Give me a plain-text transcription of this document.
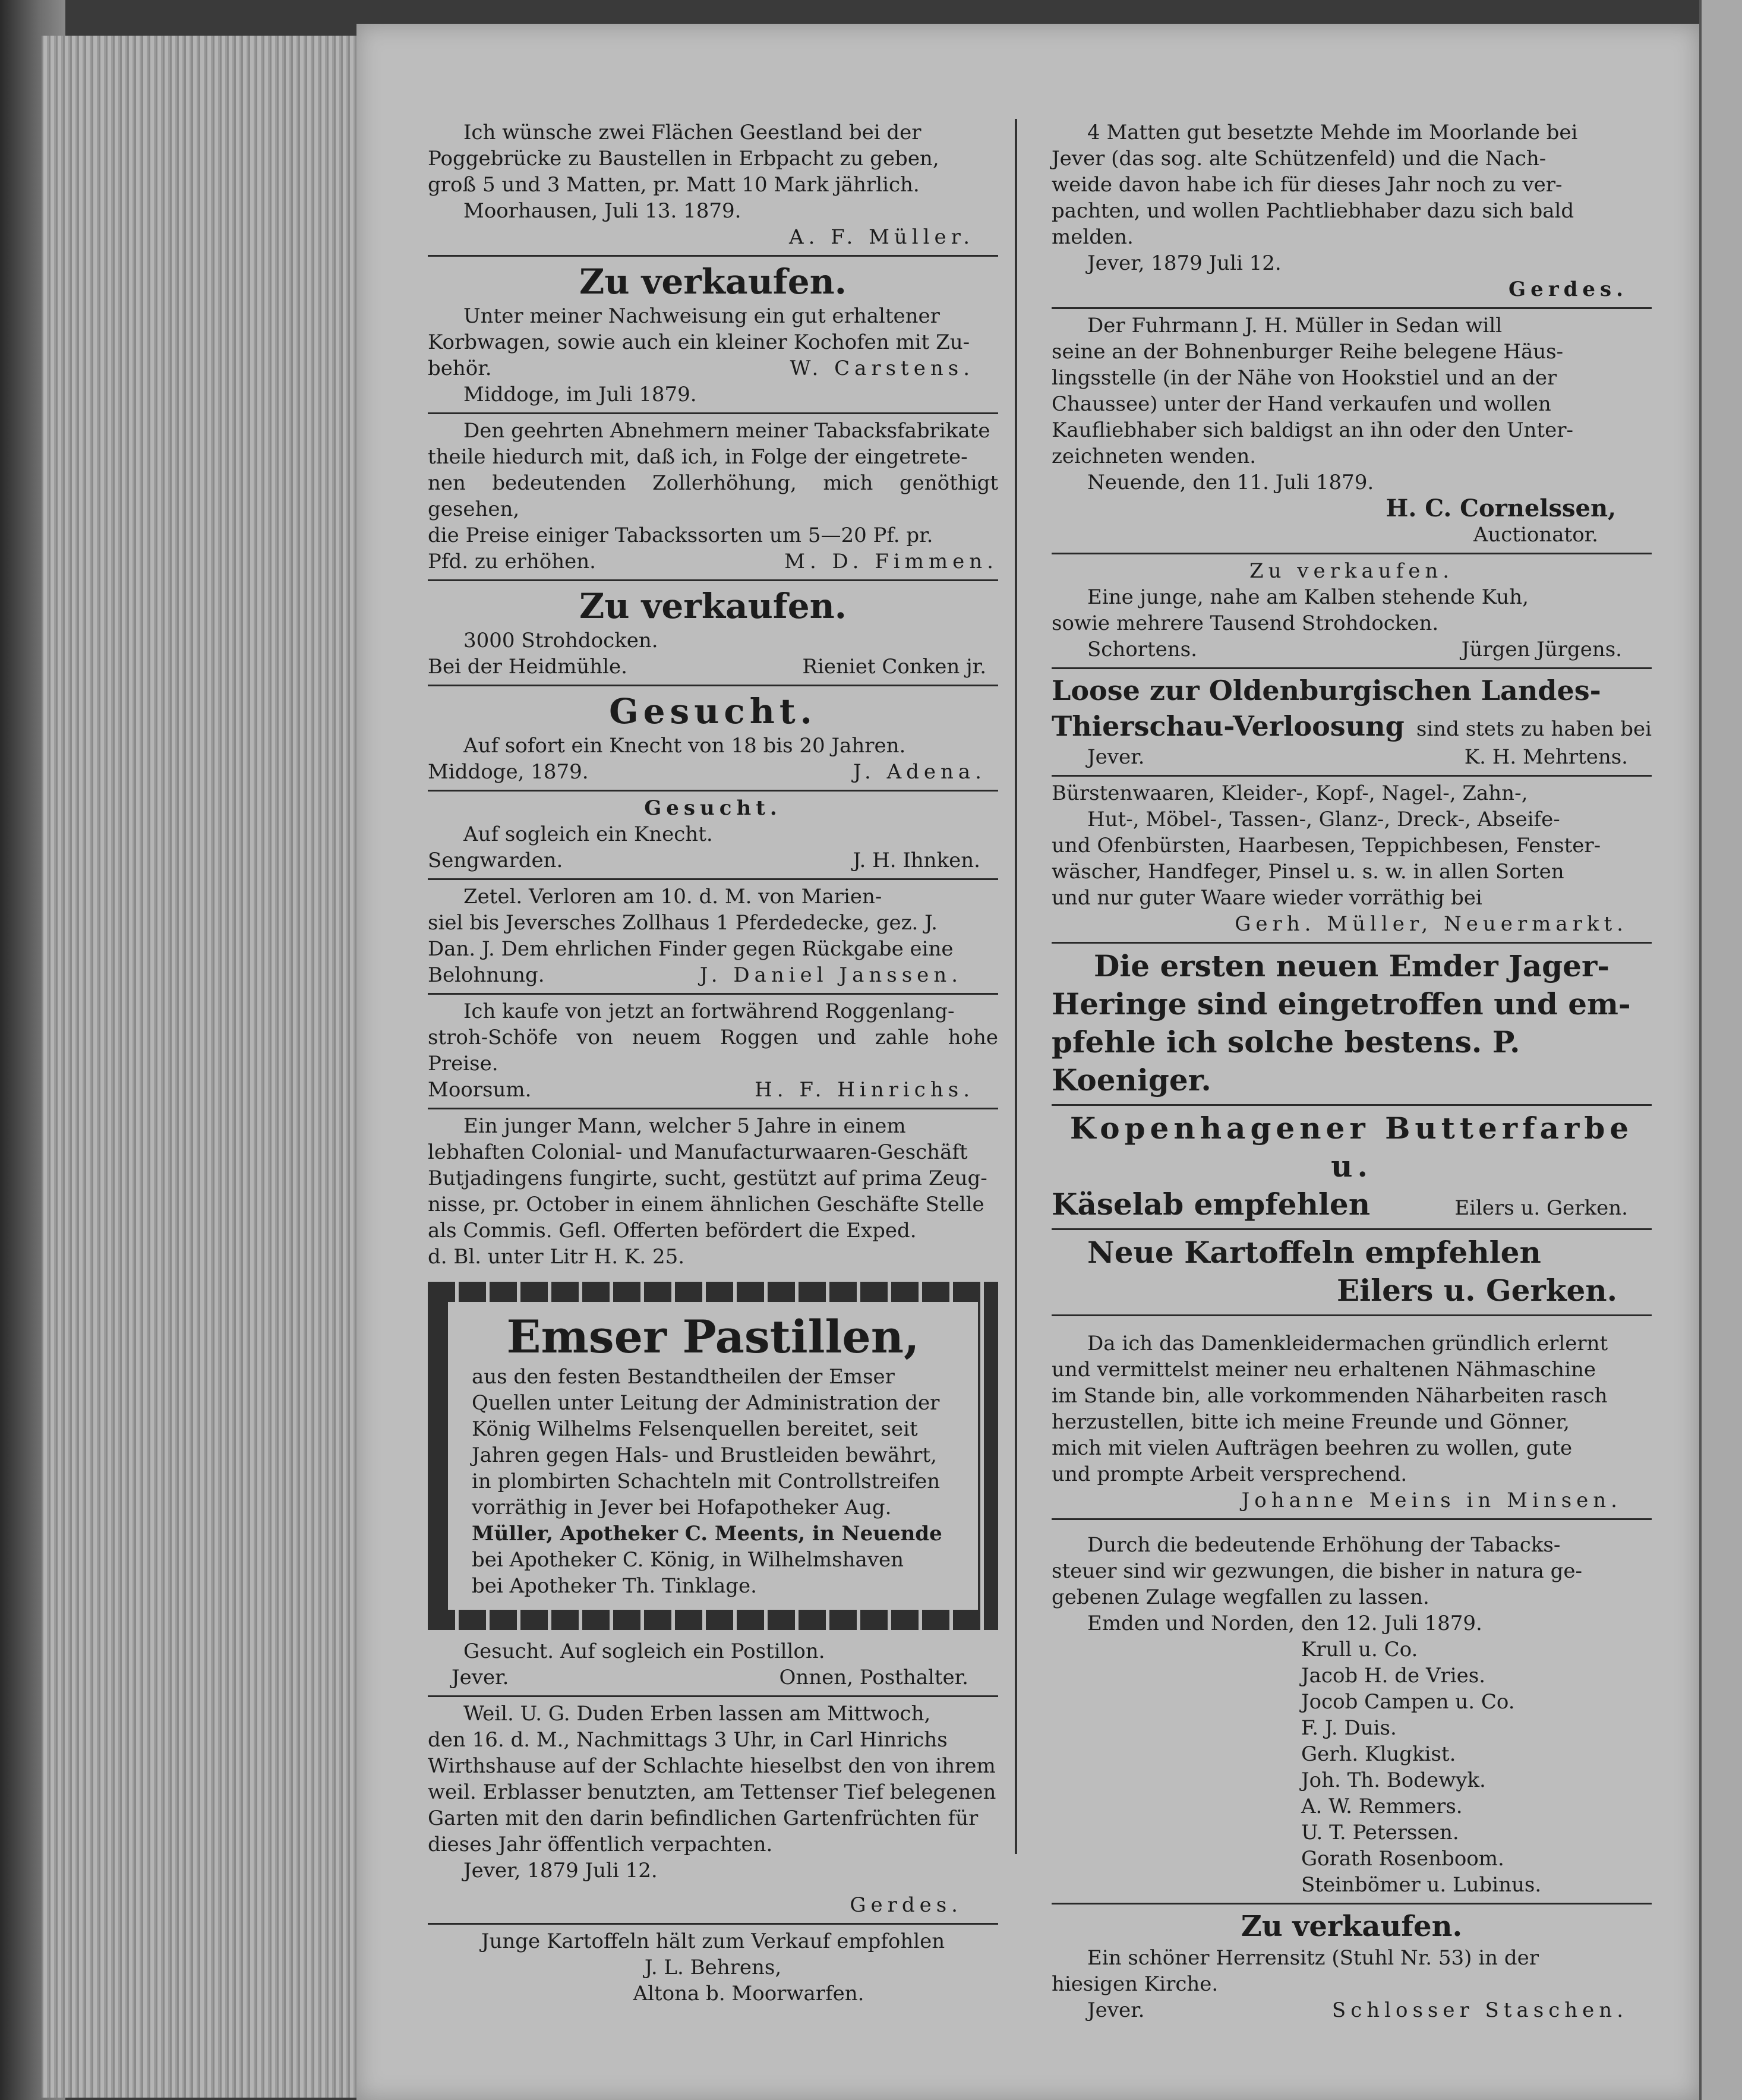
Ich wünsche zwei Flächen Geestland bei der

Poggebrücke zu Baustellen in Erbpacht zu geben,

groß 5 und 3 Matten, pr. Matt 10 Mark jährlich.

Moorhausen, Juli 13. 1879.

A. F. Müller.

Zu verkaufen.

Unter meiner Nachweisung ein gut erhaltener

Korbwagen, sowie auch ein kleiner Kochofen mit Zu-

behör.	W. Carstens.

Middoge, im Juli 1879.

Den geehrten Abnehmern meiner Tabacksfabrikate

theile hiedurch mit, daß ich, in Folge der eingetrete-

nen bedeutenden Zollerhöhung, mich genöthigt gesehen,

die Preise einiger Tabackssorten um 5—20 Pf. pr.

Pfd. zu erhöhen.	M. D. Fimmen.

Zu verkaufen.

3000 Strohdocken.

Bei der Heidmühle.	Rieniet Conken jr.

Gesucht.

Auf sofort ein Knecht von 18 bis 20 Jahren.

Middoge, 1879.	J. Adena.

Gesucht.

Auf sogleich ein Knecht.

Sengwarden.	J. H. Ihnken.

Zetel. Verloren am 10. d. M. von Marien-

siel bis Jeversches Zollhaus 1 Pferdedecke, gez. J.

Dan. J. Dem ehrlichen Finder gegen Rückgabe eine

Belohnung.	J. Daniel Janssen.

Ich kaufe von jetzt an fortwährend Roggenlang-

stroh-Schöfe von neuem Roggen und zahle hohe Preise.

Moorsum.	H. F. Hinrichs.

Ein junger Mann, welcher 5 Jahre in einem

lebhaften Colonial- und Manufacturwaaren-Geschäft

Butjadingens fungirte, sucht, gestützt auf prima Zeug-

nisse, pr. October in einem ähnlichen Geschäfte Stelle

als Commis. Gefl. Offerten befördert die Exped.

d. Bl. unter Litr H. K. 25.

Emser Pastillen,

aus den festen Bestandtheilen der Emser

Quellen unter Leitung der Administration der

König Wilhelms Felsenquellen bereitet, seit

Jahren gegen Hals- und Brustleiden bewährt,

in plombirten Schachteln mit Controllstreifen

vorräthig in Jever bei Hofapotheker Aug.

Müller, Apotheker C. Meents, in Neuende

bei Apotheker C. König, in Wilhelmshaven

bei Apotheker Th. Tinklage.

Gesucht. Auf sogleich ein Postillon.

Jever.	Onnen, Posthalter.

Weil. U. G. Duden Erben lassen am Mittwoch,

den 16. d. M., Nachmittags 3 Uhr, in Carl Hinrichs

Wirthshause auf der Schlachte hieselbst den von ihrem

weil. Erblasser benutzten, am Tettenser Tief belegenen

Garten mit den darin befindlichen Gartenfrüchten für

dieses Jahr öffentlich verpachten.

Jever, 1879 Juli 12.

Gerdes.

Junge Kartoffeln hält zum Verkauf empfohlen

J. L. Behrens,

Altona b. Moorwarfen.

4 Matten gut besetzte Mehde im Moorlande bei

Jever (das sog. alte Schützenfeld) und die Nach-

weide davon habe ich für dieses Jahr noch zu ver-

pachten, und wollen Pachtliebhaber dazu sich bald

melden.

Jever, 1879 Juli 12.

Gerdes.

Der Fuhrmann J. H. Müller in Sedan will

seine an der Bohnenburger Reihe belegene Häus-

lingsstelle (in der Nähe von Hookstiel und an der

Chaussee) unter der Hand verkaufen und wollen

Kaufliebhaber sich baldigst an ihn oder den Unter-

zeichneten wenden.

Neuende, den 11. Juli 1879.

H. C. Cornelssen,

Auctionator.

Zu verkaufen.

Eine junge, nahe am Kalben stehende Kuh,

sowie mehrere Tausend Strohdocken.

Schortens.	Jürgen Jürgens.

Loose zur Oldenburgischen Landes-

Thierschau-Verloosung sind stets zu haben bei
Jever.	K. H. Mehrtens.

Bürstenwaaren, Kleider-, Kopf-, Nagel-, Zahn-,

Hut-, Möbel-, Tassen-, Glanz-, Dreck-, Abseife-

und Ofenbürsten, Haarbesen, Teppichbesen, Fenster-

wäscher, Handfeger, Pinsel u. s. w. in allen Sorten

und nur guter Waare wieder vorräthig bei

Gerh. Müller, Neuermarkt.

Die ersten neuen Emder Jager-

Heringe sind eingetroffen und em-

pfehle ich solche bestens. P. Koeniger.

Kopenhagener Butterfarbe u.

Käselab empfehlen	Eilers u. Gerken.

Neue Kartoffeln empfehlen

Eilers u. Gerken.

Da ich das Damenkleidermachen gründlich erlernt

und vermittelst meiner neu erhaltenen Nähmaschine

im Stande bin, alle vorkommenden Näharbeiten rasch

herzustellen, bitte ich meine Freunde und Gönner,

mich mit vielen Aufträgen beehren zu wollen, gute

und prompte Arbeit versprechend.

Johanne Meins in Minsen.

Durch die bedeutende Erhöhung der Tabacks-

steuer sind wir gezwungen, die bisher in natura ge-

gebenen Zulage wegfallen zu lassen.

Emden und Norden, den 12. Juli 1879.

Krull u. Co.

Jacob H. de Vries.

Jocob Campen u. Co.

F. J. Duis.

Gerh. Klugkist.

Joh. Th. Bodewyk.

A. W. Remmers.

U. T. Peterssen.

Gorath Rosenboom.

Steinbömer u. Lubinus.

Zu verkaufen.

Ein schöner Herrensitz (Stuhl Nr. 53) in der

hiesigen Kirche.

Jever.	Schlosser Staschen.
